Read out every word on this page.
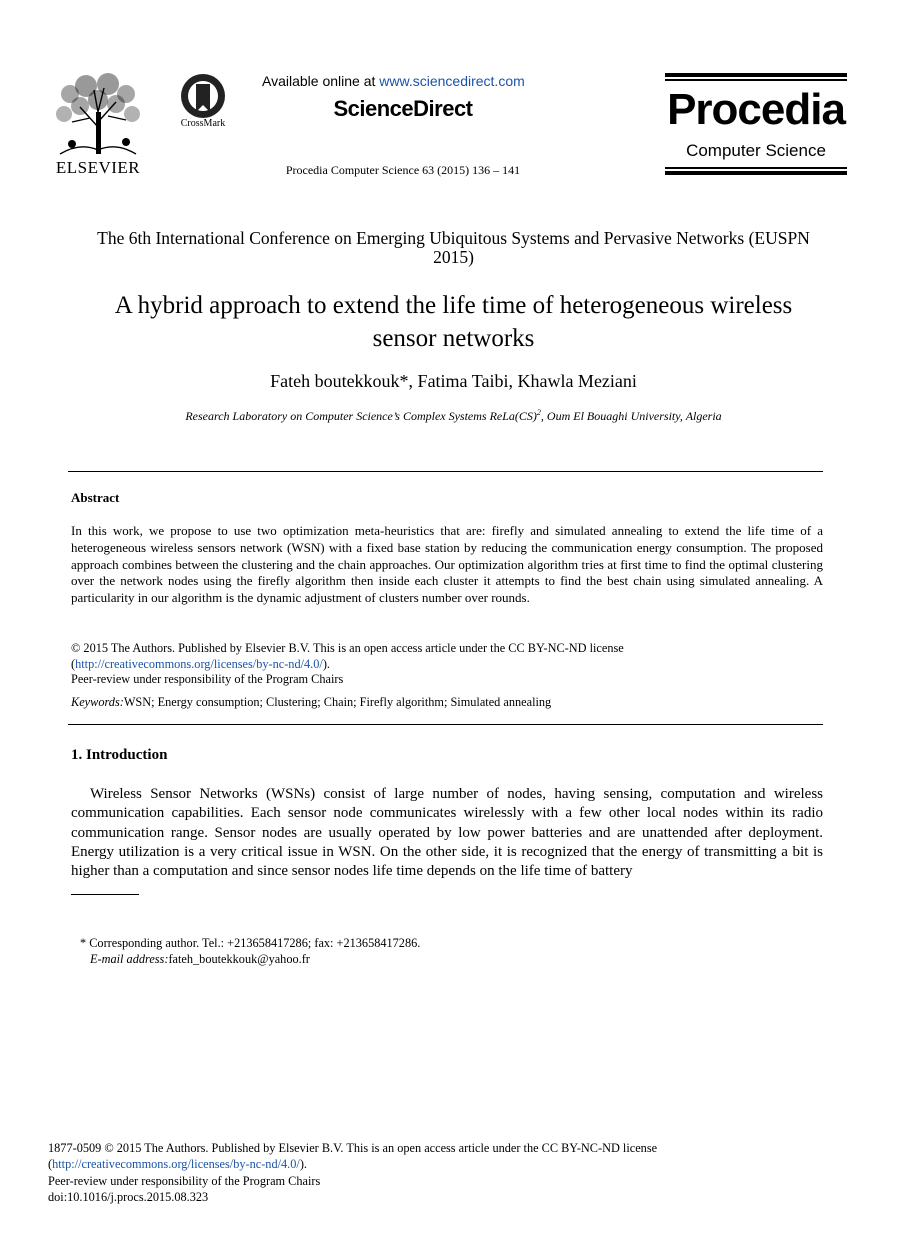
ELSEVIER
CrossMark
Available online at www.sciencedirect.com
ScienceDirect
Procedia Computer Science 63 (2015) 136 – 141
Procedia
Computer Science
The 6th International Conference on Emerging Ubiquitous Systems and Pervasive Networks (EUSPN 2015)
A hybrid approach to extend the life time of heterogeneous wireless
sensor networks
Fateh boutekkouk*, Fatima Taibi, Khawla Meziani
Research Laboratory on Computer Science’s Complex Systems ReLa(CS)$^2$, Oum El Bouaghi University, Algeria
Abstract
In this work, we propose to use two optimization meta-heuristics that are: firefly and simulated annealing to extend the life time of a heterogeneous wireless sensors network (WSN) with a fixed base station by reducing the communication energy consumption. The proposed approach combines between the clustering and the chain approaches. Our optimization algorithm tries at first time to find the optimal clustering over the network nodes using the firefly algorithm then inside each cluster it attempts to find the best chain using simulated annealing. A particularity in our algorithm is the dynamic adjustment of clusters number over rounds.
© 2015 The Authors. Published by Elsevier B.V. This is an open access article under the CC BY-NC-ND license
(http://creativecommons.org/licenses/by-nc-nd/4.0/).
Peer-review under responsibility of the Program Chairs
Keywords:WSN; Energy consumption; Clustering; Chain; Firefly algorithm; Simulated annealing
1. Introduction
Wireless Sensor Networks (WSNs) consist of large number of nodes, having sensing, computation and wireless communication capabilities. Each sensor node communicates wirelessly with a few other local nodes within its radio communication range. Sensor nodes are usually operated by low power batteries and are unattended after deployment. Energy utilization is a very critical issue in WSN. On the other side, it is recognized that the energy of transmitting a bit is higher than a computation and since sensor nodes life time depends on the life time of battery
* Corresponding author. Tel.: +213658417286; fax: +213658417286.
E-mail address:fateh_boutekkouk@yahoo.fr
1877-0509 © 2015 The Authors. Published by Elsevier B.V. This is an open access article under the CC BY-NC-ND license
(http://creativecommons.org/licenses/by-nc-nd/4.0/).
Peer-review under responsibility of the Program Chairs
doi:10.1016/j.procs.2015.08.323
